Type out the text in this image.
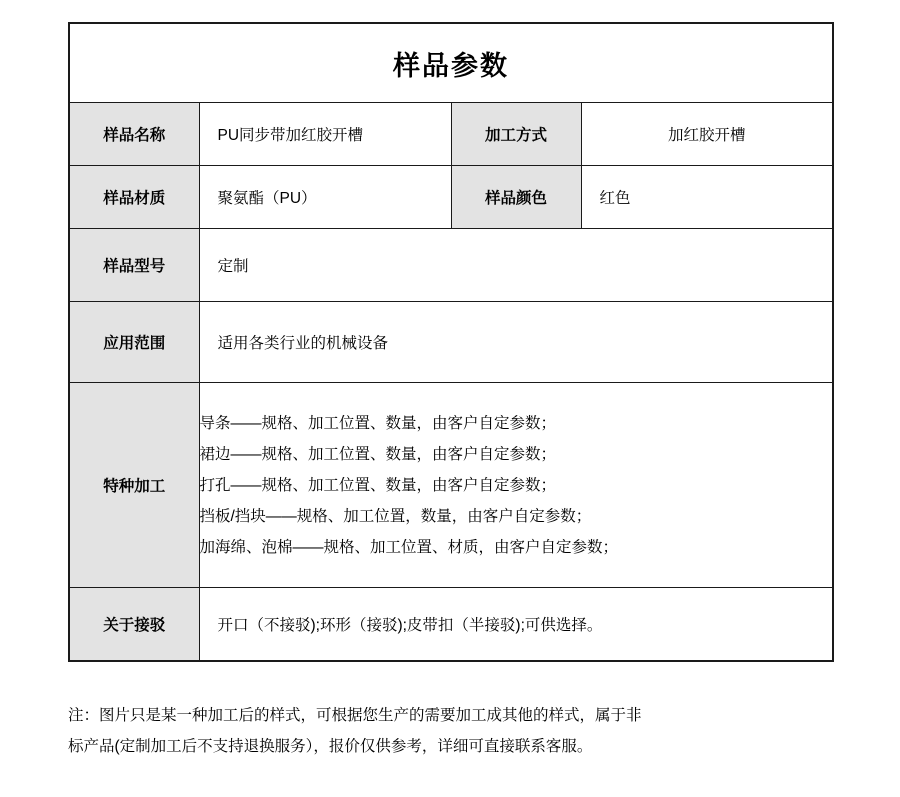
样品参数			
样品名称	PU同步带加红胶开槽	加工方式	加红胶开槽
样品材质	聚氨酯（PU）	样品颜色	红色
样品型号	定制		
应用范围	适用各类行业的机械设备		
特种加工	导条——规格、加工位置、数量，由客户自定参数；
裙边——规格、加工位置、数量，由客户自定参数；
打孔——规格、加工位置、数量，由客户自定参数；
挡板/挡块——规格、加工位置，数量，由客户自定参数；
加海绵、泡棉——规格、加工位置、材质，由客户自定参数；		

关于接驳	开口（不接驳);环形（接驳);皮带扣（半接驳);可供选择。		
注：图片只是某一种加工后的样式，可根据您生产的需要加工成其他的样式，属于非
标产品(定制加工后不支持退换服务），报价仅供参考，详细可直接联系客服。
